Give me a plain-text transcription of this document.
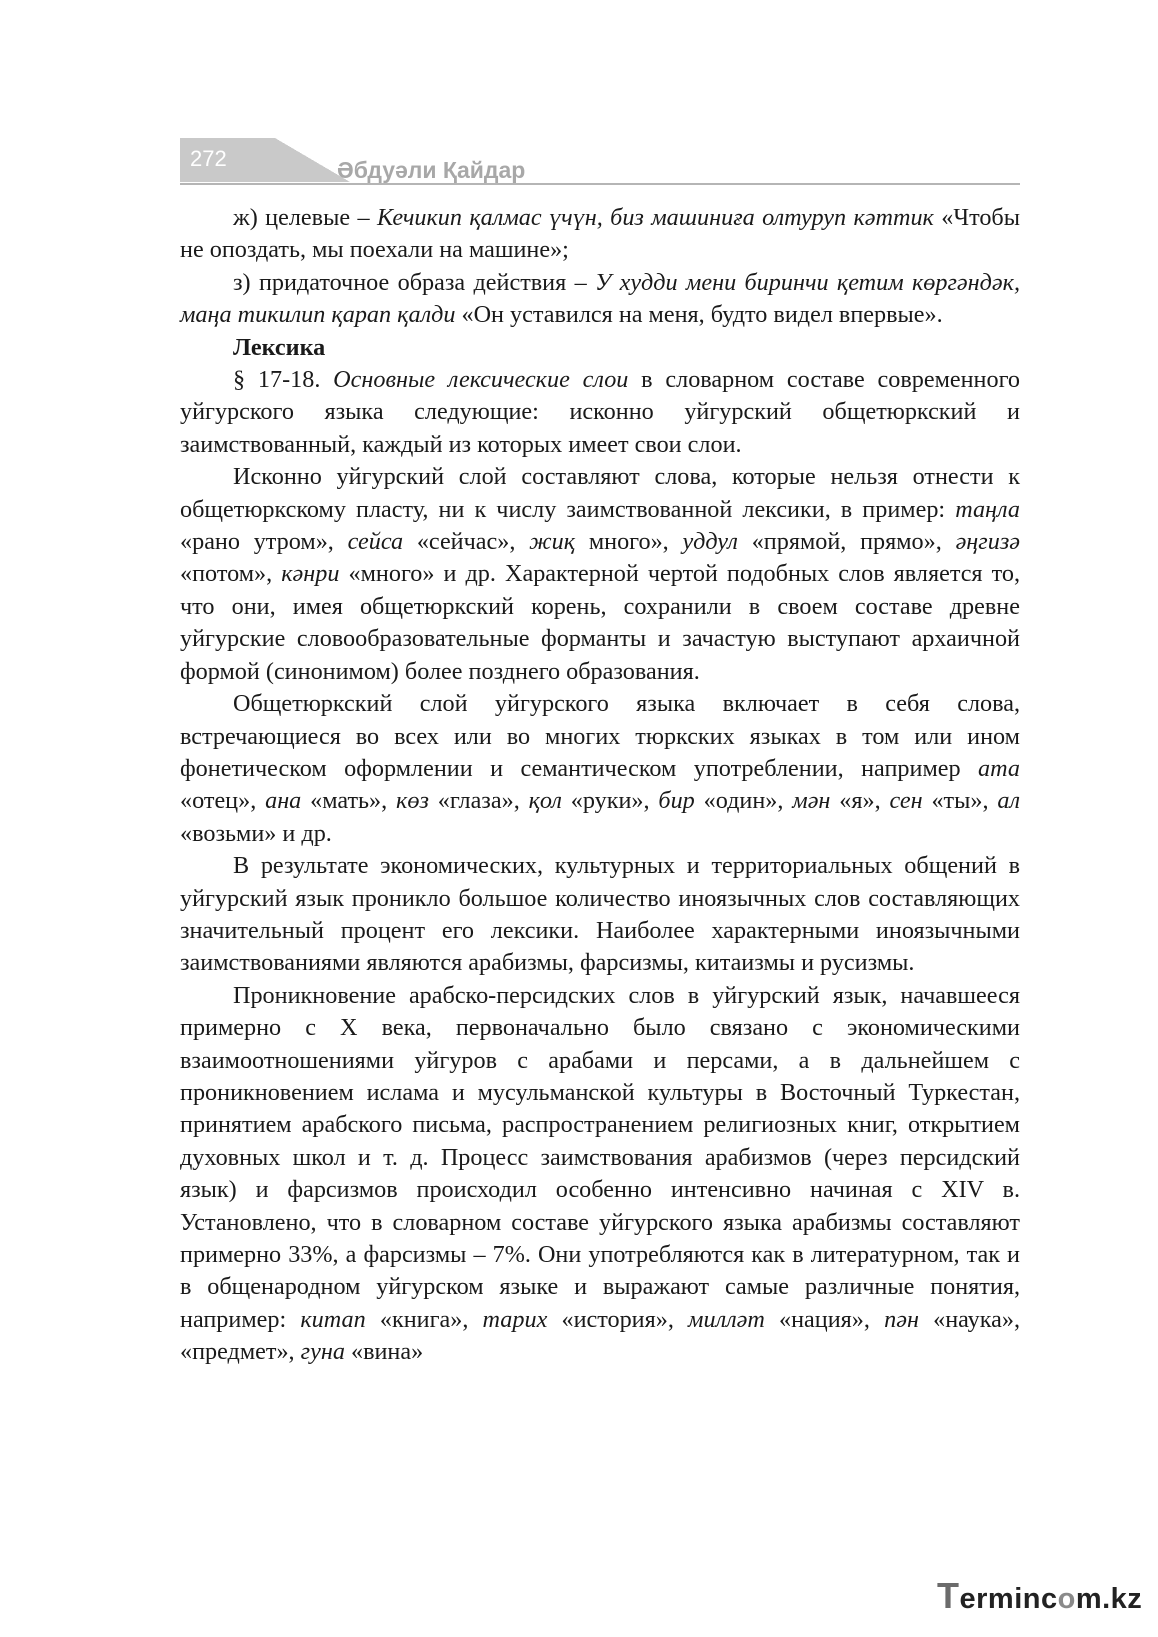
272	Әбдуәли Қайдар

ж) целевые – Кечикип қалмас үчүн, биз машиниға олтуруп кәттик «Чтобы не опоздать, мы поехали на машине»;

з) придаточное образа действия – У худди мени биринчи қетим көргәндәк, маңа тикилип қарап қалди «Он уставился на меня, будто видел впервые».

Лексика

§ 17-18. Основные лексические слои в словарном составе современного уйгурского языка следующие: исконно уйгурский общетюркский и заимствованный, каждый из которых имеет свои слои.

Исконно уйгурский слой составляют слова, которые нельзя отнести к общетюркскому пласту, ни к числу заимствованной лексики, в пример: таңла «рано утром», сейса «сейчас», жиқ много», уддул «прямой, прямо», әңгизә «потом», кәнри «много» и др. Характерной чертой подобных слов является то, что они, имея общетюркский корень, сохранили в своем составе древне уйгурские словообразовательные форманты и зачастую выступают архаичной формой (синонимом) более позднего образования.

Общетюркский слой уйгурского языка включает в себя слова, встречающиеся во всех или во многих тюркских языках в том или ином фонетическом оформлении и семантическом употреблении, например ата «отец», ана «мать», көз «глаза», қол «руки», бир «один», мән «я», сен «ты», ал «возьми» и др.

В результате экономических, культурных и территориальных общений в уйгурский язык проникло большое количество иноязычных слов составляющих значительный процент его лексики. Наиболее характерными иноязычными заимствованиями являются арабизмы, фарсизмы, китаизмы и русизмы.

Проникновение арабско-персидских слов в уйгурский язык, начавшееся примерно с X века, первоначально было связано с экономическими взаимоотношениями уйгуров с арабами и персами, а в дальнейшем с проникновением ислама и мусульманской культуры в Восточный Туркестан, принятием арабского письма, распространением религиозных книг, открытием духовных школ и т. д. Процесс заимствования арабизмов (через персидский язык) и фарсизмов происходил особенно интенсивно начиная с XIV в. Установлено, что в словарном составе уйгурского языка арабизмы составляют примерно 33%, а фарсизмы – 7%. Они употребляются как в литературном, так и в общенародном уйгурском языке и выражают самые различные понятия, например: китап «книга», тарих «история», милләт «нация», пән «наука», «предмет», гуна «вина»

Termincom.kz
